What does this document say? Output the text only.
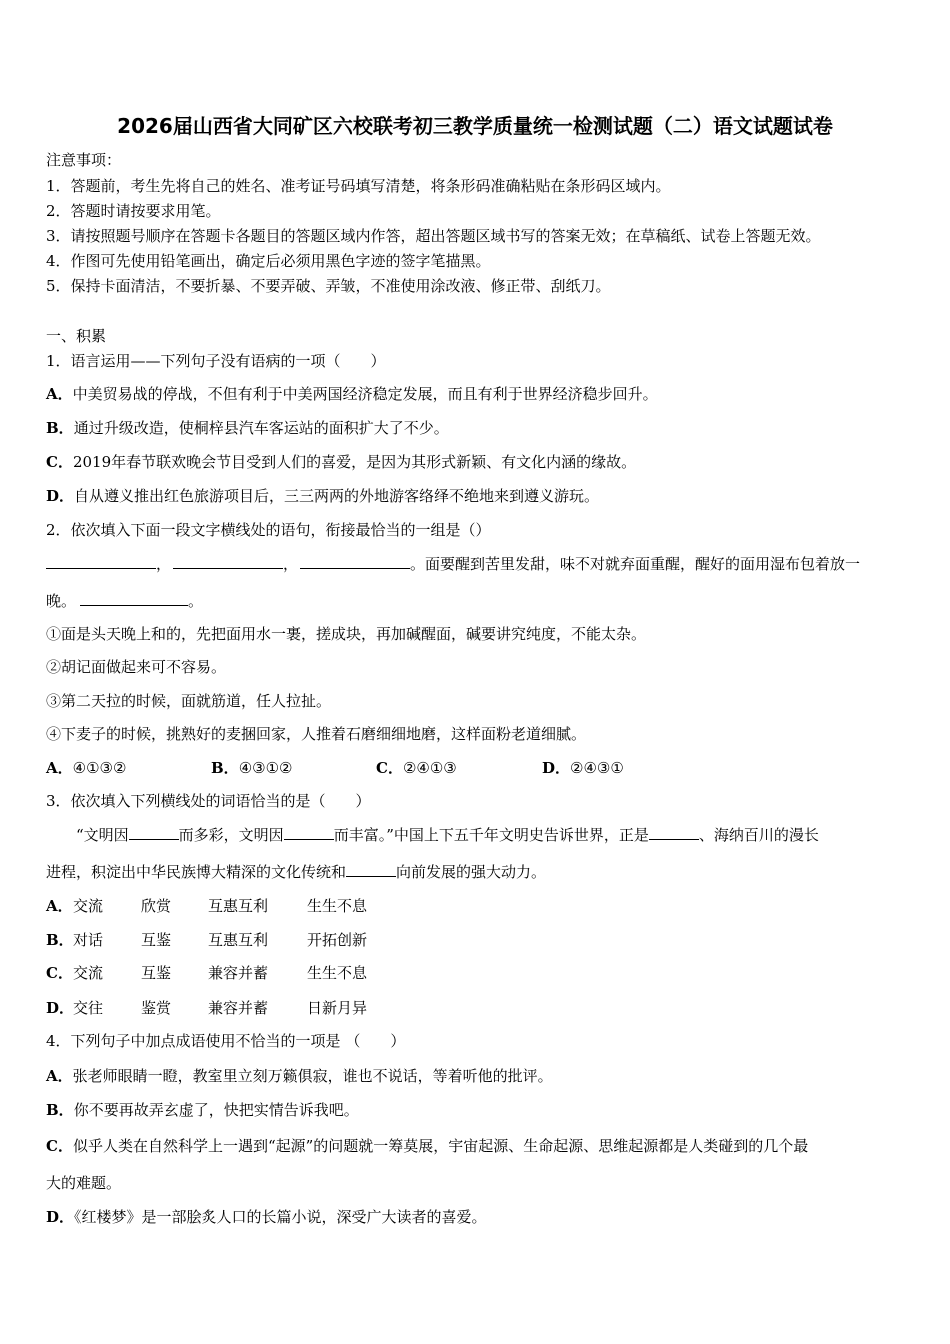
2026届山西省大同矿区六校联考初三教学质量统一检测试题（二）语文试题试卷
注意事项：
1．答题前，考生先将自己的姓名、准考证号码填写清楚，将条形码准确粘贴在条形码区域内。
2．答题时请按要求用笔。
3．请按照题号顺序在答题卡各题目的答题区域内作答，超出答题区域书写的答案无效；在草稿纸、试卷上答题无效。
4．作图可先使用铅笔画出，确定后必须用黑色字迹的签字笔描黑。
5．保持卡面清洁，不要折暴、不要弄破、弄皱，不准使用涂改液、修正带、刮纸刀。
一、积累
1．语言运用——下列句子没有语病的一项（　　）
A．中美贸易战的停战，不但有利于中美两国经济稳定发展，而且有利于世界经济稳步回升。
B．通过升级改造，使桐梓县汽车客运站的面积扩大了不少。
C．2019年春节联欢晚会节目受到人们的喜爱，是因为其形式新颖、有文化内涵的缘故。
D．自从遵义推出红色旅游项目后，三三两两的外地游客络绎不绝地来到遵义游玩。
2．依次填入下面一段文字横线处的语句，衔接最恰当的一组是（）
，	，	。面要醒到苦里发甜，味不对就弃面重醒，醒好的面用湿布包着放一
晚。	。
①面是头天晚上和的，先把面用水一裹，搓成块，再加碱醒面，碱要讲究纯度，不能太杂。
②胡记面做起来可不容易。
③第二天拉的时候，面就筋道，任人拉扯。
④下麦子的时候，挑熟好的麦捆回家，人推着石磨细细地磨，这样面粉老道细腻。
A．④①③②	B．④③①②	C．②④①③	D．②④③①
3．依次填入下列横线处的词语恰当的是（　　）
“文明因	而多彩，文明因	而丰富。”中国上下五千年文明史告诉世界，正是	、海纳百川的漫长
进程，积淀出中华民族博大精深的文化传统和	向前发展的强大动力。
A． 交流	欣赏 互惠互利	生生不息
B． 对话	互鉴 互惠互利	开拓创新
C． 交流	互鉴 兼容并蓄	生生不息
D．
交往	鉴赏 兼容并蓄	日新月异
4．下列句子中加点成语使用不恰当的一项是 （　　）
A．张老师眼睛一瞪，教室里立刻万籁俱寂，谁也不说话，等着听他的批评。
B．你不要再故弄玄虚了，快把实情告诉我吧。
C．似乎人类在自然科学上一遇到“起源”的问题就一筹莫展，宇宙起源、生命起源、思维起源都是人类碰到的几个最
大的难题。
D．《红楼梦》是一部脍炙人口的长篇小说，深受广大读者的喜爱。
